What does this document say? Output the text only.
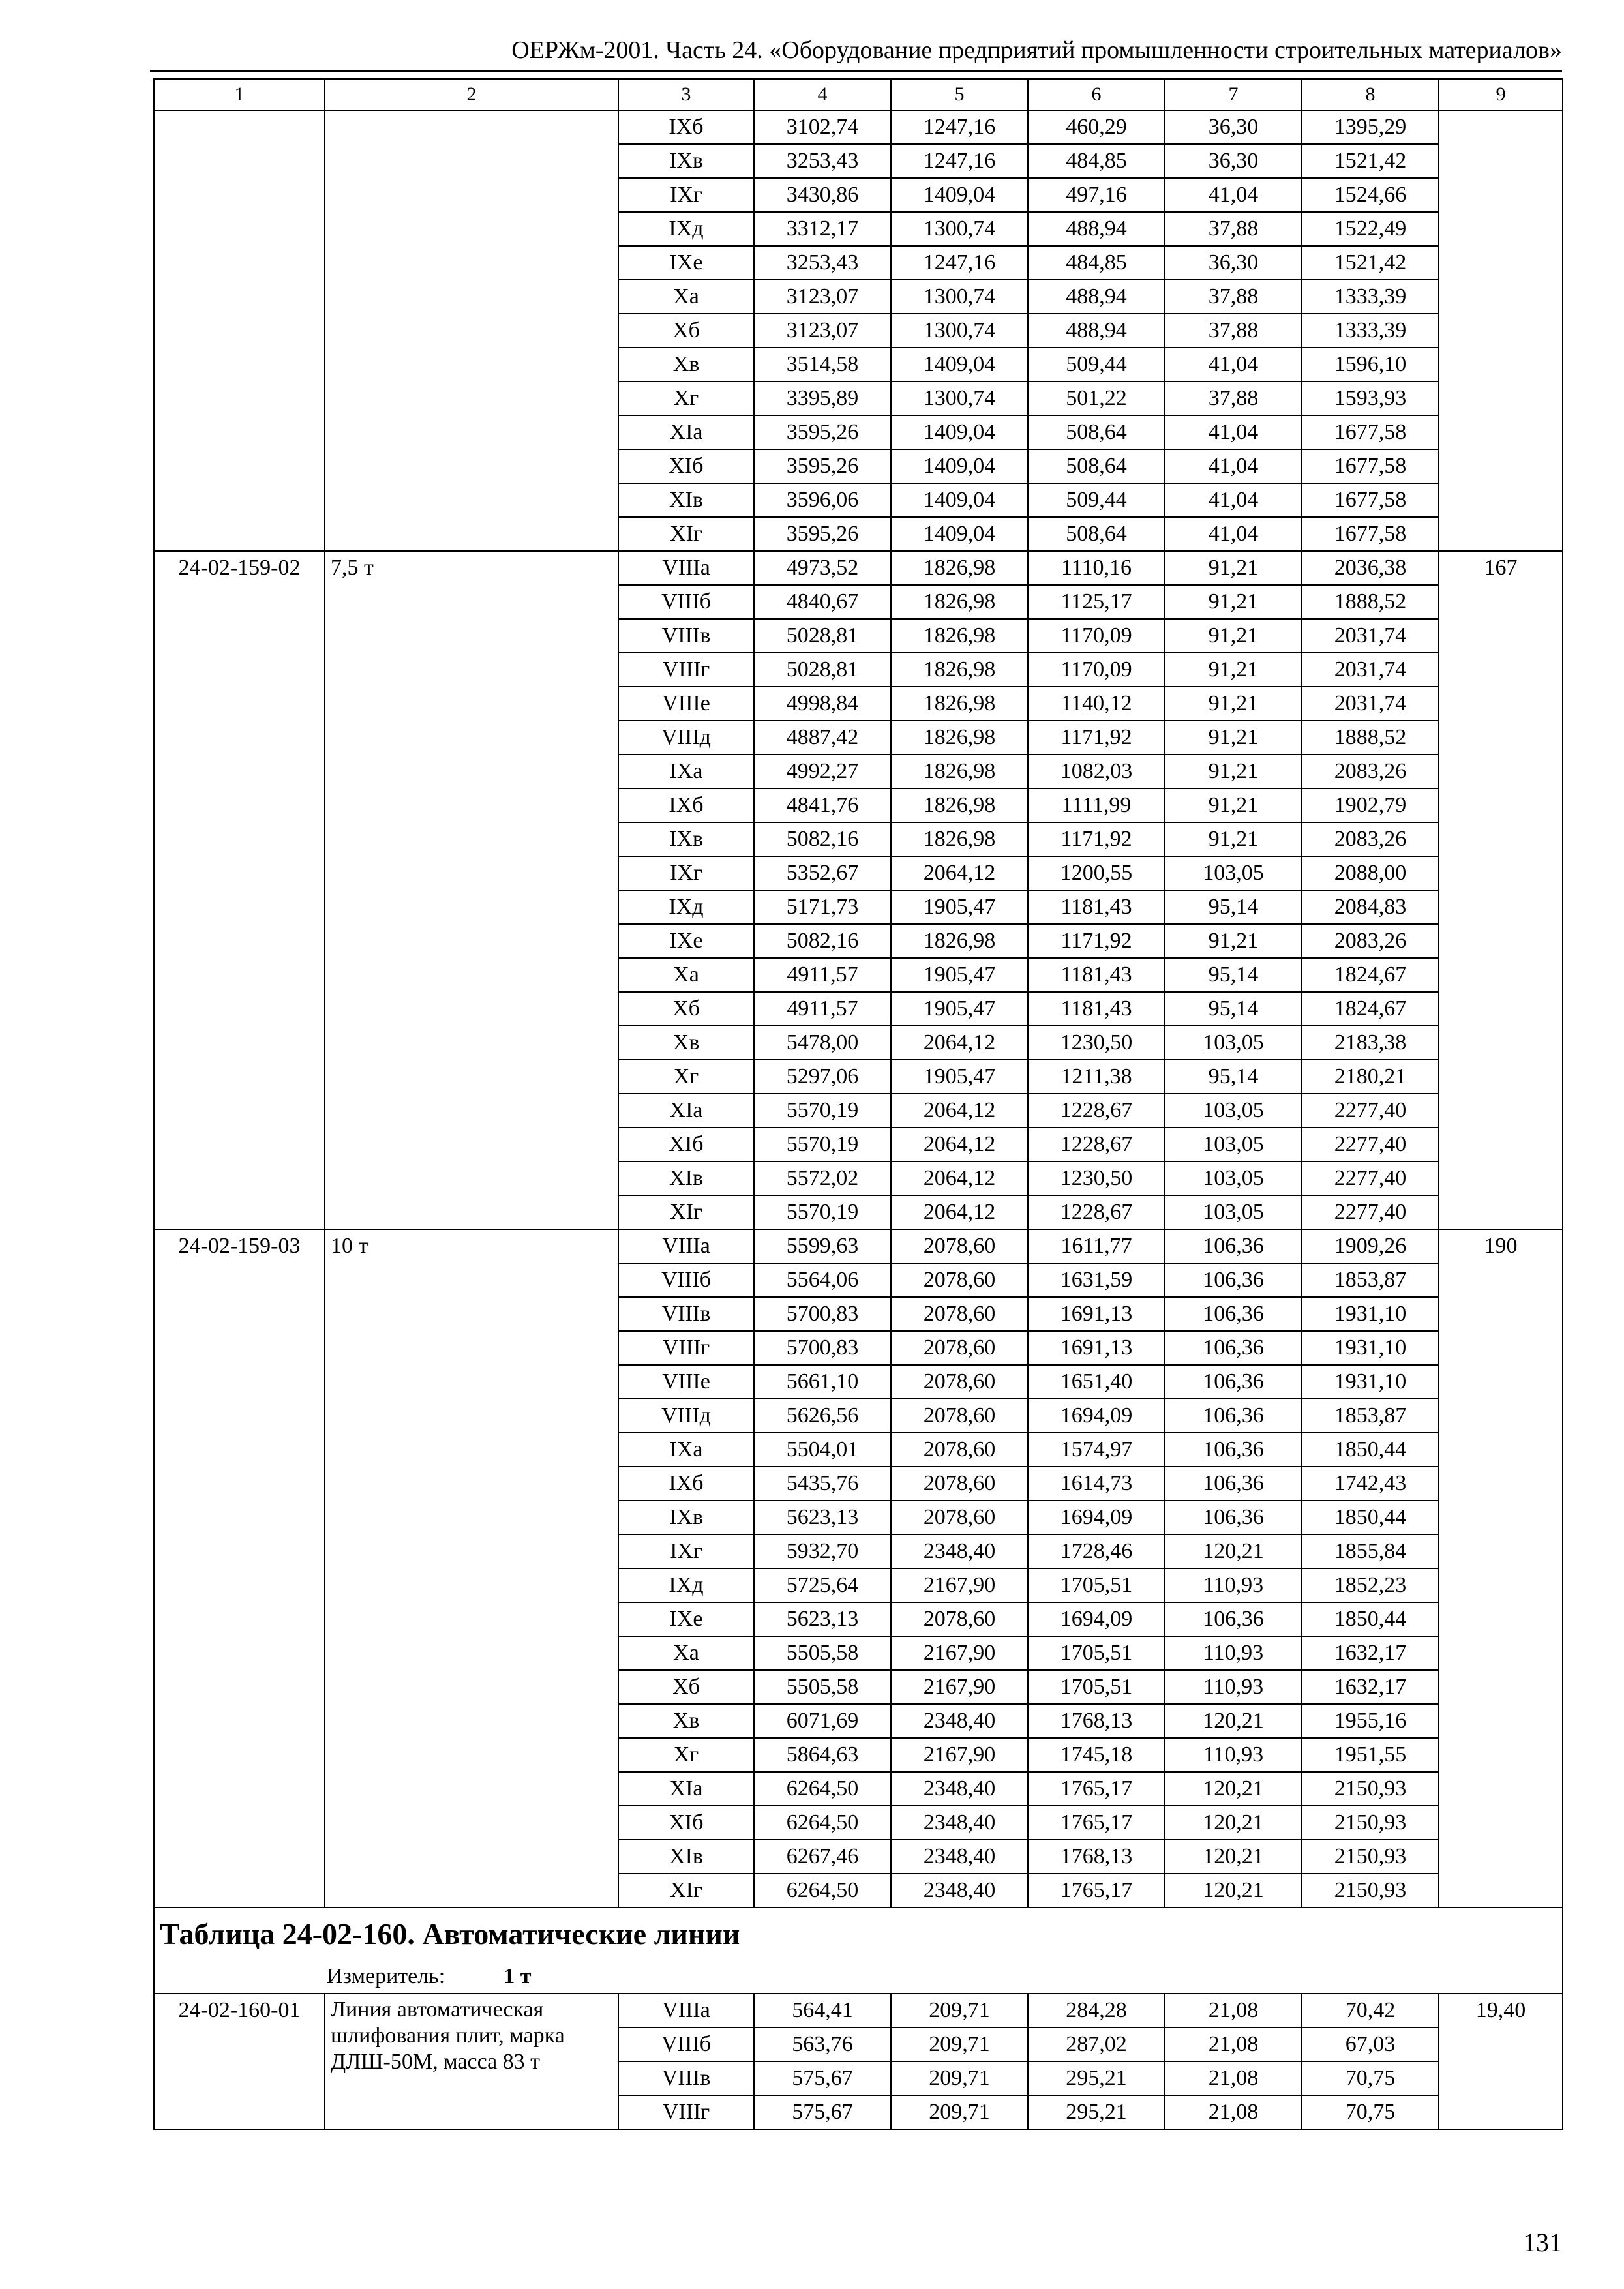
ОЕРЖм-2001. Часть 24. «Оборудование предприятий промышленности строительных материалов»
1	2	3	4	5	6	7	8	9
		IXб	3102,74	1247,16	460,29	36,30	1395,29	
		IXв	3253,43	1247,16	484,85	36,30	1521,42	
		IXг	3430,86	1409,04	497,16	41,04	1524,66	
		IXд	3312,17	1300,74	488,94	37,88	1522,49	
		IXе	3253,43	1247,16	484,85	36,30	1521,42	
		Xа	3123,07	1300,74	488,94	37,88	1333,39	
		Xб	3123,07	1300,74	488,94	37,88	1333,39	
		Xв	3514,58	1409,04	509,44	41,04	1596,10	
		Xг	3395,89	1300,74	501,22	37,88	1593,93	
		XIа	3595,26	1409,04	508,64	41,04	1677,58	
		XIб	3595,26	1409,04	508,64	41,04	1677,58	
		XIв	3596,06	1409,04	509,44	41,04	1677,58	
		XIг	3595,26	1409,04	508,64	41,04	1677,58	
24-02-159-02	7,5 т	VIIIа	4973,52	1826,98	1110,16	91,21	2036,38	167
		VIIIб	4840,67	1826,98	1125,17	91,21	1888,52	
		VIIIв	5028,81	1826,98	1170,09	91,21	2031,74	
		VIIIг	5028,81	1826,98	1170,09	91,21	2031,74	
		VIIIе	4998,84	1826,98	1140,12	91,21	2031,74	
		VIIIд	4887,42	1826,98	1171,92	91,21	1888,52	
		IXа	4992,27	1826,98	1082,03	91,21	2083,26	
		IXб	4841,76	1826,98	1111,99	91,21	1902,79	
		IXв	5082,16	1826,98	1171,92	91,21	2083,26	
		IXг	5352,67	2064,12	1200,55	103,05	2088,00	
		IXд	5171,73	1905,47	1181,43	95,14	2084,83	
		IXе	5082,16	1826,98	1171,92	91,21	2083,26	
		Xа	4911,57	1905,47	1181,43	95,14	1824,67	
		Xб	4911,57	1905,47	1181,43	95,14	1824,67	
		Xв	5478,00	2064,12	1230,50	103,05	2183,38	
		Xг	5297,06	1905,47	1211,38	95,14	2180,21	
		XIа	5570,19	2064,12	1228,67	103,05	2277,40	
		XIб	5570,19	2064,12	1228,67	103,05	2277,40	
		XIв	5572,02	2064,12	1230,50	103,05	2277,40	
		XIг	5570,19	2064,12	1228,67	103,05	2277,40	
24-02-159-03	10 т	VIIIа	5599,63	2078,60	1611,77	106,36	1909,26	190
		VIIIб	5564,06	2078,60	1631,59	106,36	1853,87	
		VIIIв	5700,83	2078,60	1691,13	106,36	1931,10	
		VIIIг	5700,83	2078,60	1691,13	106,36	1931,10	
		VIIIе	5661,10	2078,60	1651,40	106,36	1931,10	
		VIIIд	5626,56	2078,60	1694,09	106,36	1853,87	
		IXа	5504,01	2078,60	1574,97	106,36	1850,44	
		IXб	5435,76	2078,60	1614,73	106,36	1742,43	
		IXв	5623,13	2078,60	1694,09	106,36	1850,44	
		IXг	5932,70	2348,40	1728,46	120,21	1855,84	
		IXд	5725,64	2167,90	1705,51	110,93	1852,23	
		IXе	5623,13	2078,60	1694,09	106,36	1850,44	
		Xа	5505,58	2167,90	1705,51	110,93	1632,17	
		Xб	5505,58	2167,90	1705,51	110,93	1632,17	
		Xв	6071,69	2348,40	1768,13	120,21	1955,16	
		Xг	5864,63	2167,90	1745,18	110,93	1951,55	
		XIа	6264,50	2348,40	1765,17	120,21	2150,93	
		XIб	6264,50	2348,40	1765,17	120,21	2150,93	
		XIв	6267,46	2348,40	1768,13	120,21	2150,93	
		XIг	6264,50	2348,40	1765,17	120,21	2150,93	
Таблица 24-02-160. Автоматические линии								
Измеритель: 1 т								
24-02-160-01	Линия автоматическая шлифования плит, марка ДЛШ-50М, масса 83 т	VIIIа	564,41	209,71	284,28	21,08	70,42	19,40
		VIIIб	563,76	209,71	287,02	21,08	67,03	
		VIIIв	575,67	209,71	295,21	21,08	70,75	
		VIIIг	575,67	209,71	295,21	21,08	70,75	
131
